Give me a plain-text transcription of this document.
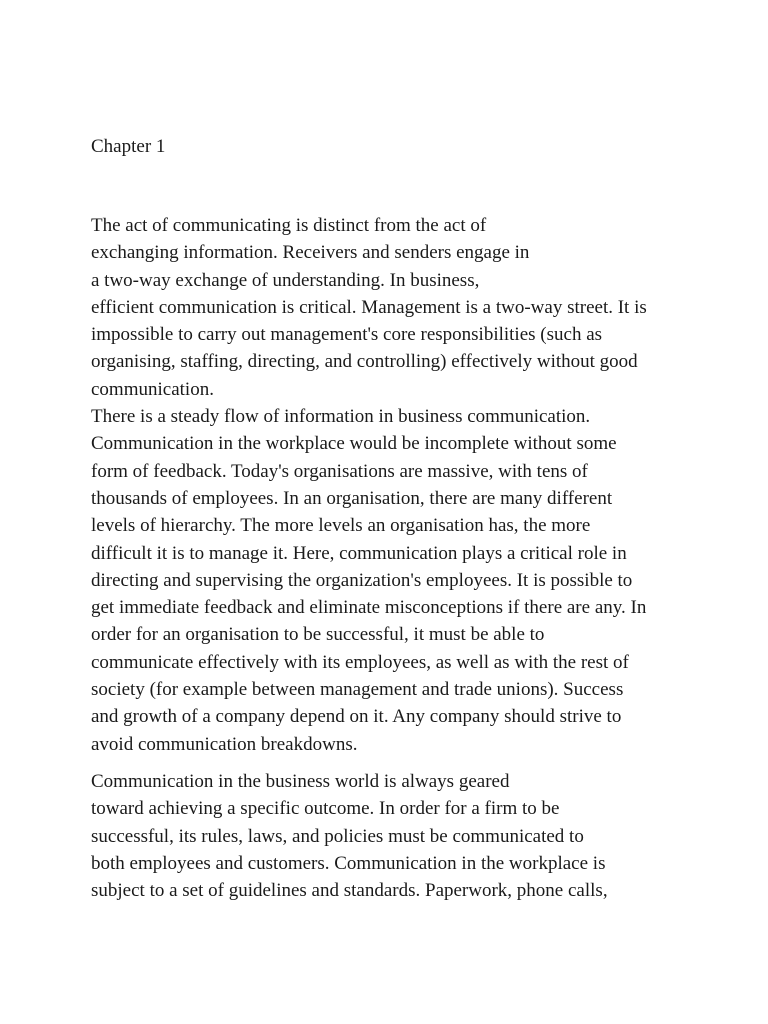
Chapter 1

The act of communicating is distinct from the act of
exchanging information. Receivers and senders engage in
a two-way exchange of understanding. In business,
efficient communication is critical. Management is a two-way street. It is
impossible to carry out management's core responsibilities (such as
organising, staffing, directing, and controlling) effectively without good
communication.

There is a steady flow of information in business communication.
Communication in the workplace would be incomplete without some
form of feedback. Today's organisations are massive, with tens of
thousands of employees. In an organisation, there are many different
levels of hierarchy. The more levels an organisation has, the more
difficult it is to manage it. Here, communication plays a critical role in
directing and supervising the organization's employees. It is possible to
get immediate feedback and eliminate misconceptions if there are any. In
order for an organisation to be successful, it must be able to
communicate effectively with its employees, as well as with the rest of
society (for example between management and trade unions). Success
and growth of a company depend on it. Any company should strive to
avoid communication breakdowns.

Communication in the business world is always geared
toward achieving a specific outcome. In order for a firm to be
successful, its rules, laws, and policies must be communicated to
both employees and customers. Communication in the workplace is
subject to a set of guidelines and standards. Paperwork, phone calls,
